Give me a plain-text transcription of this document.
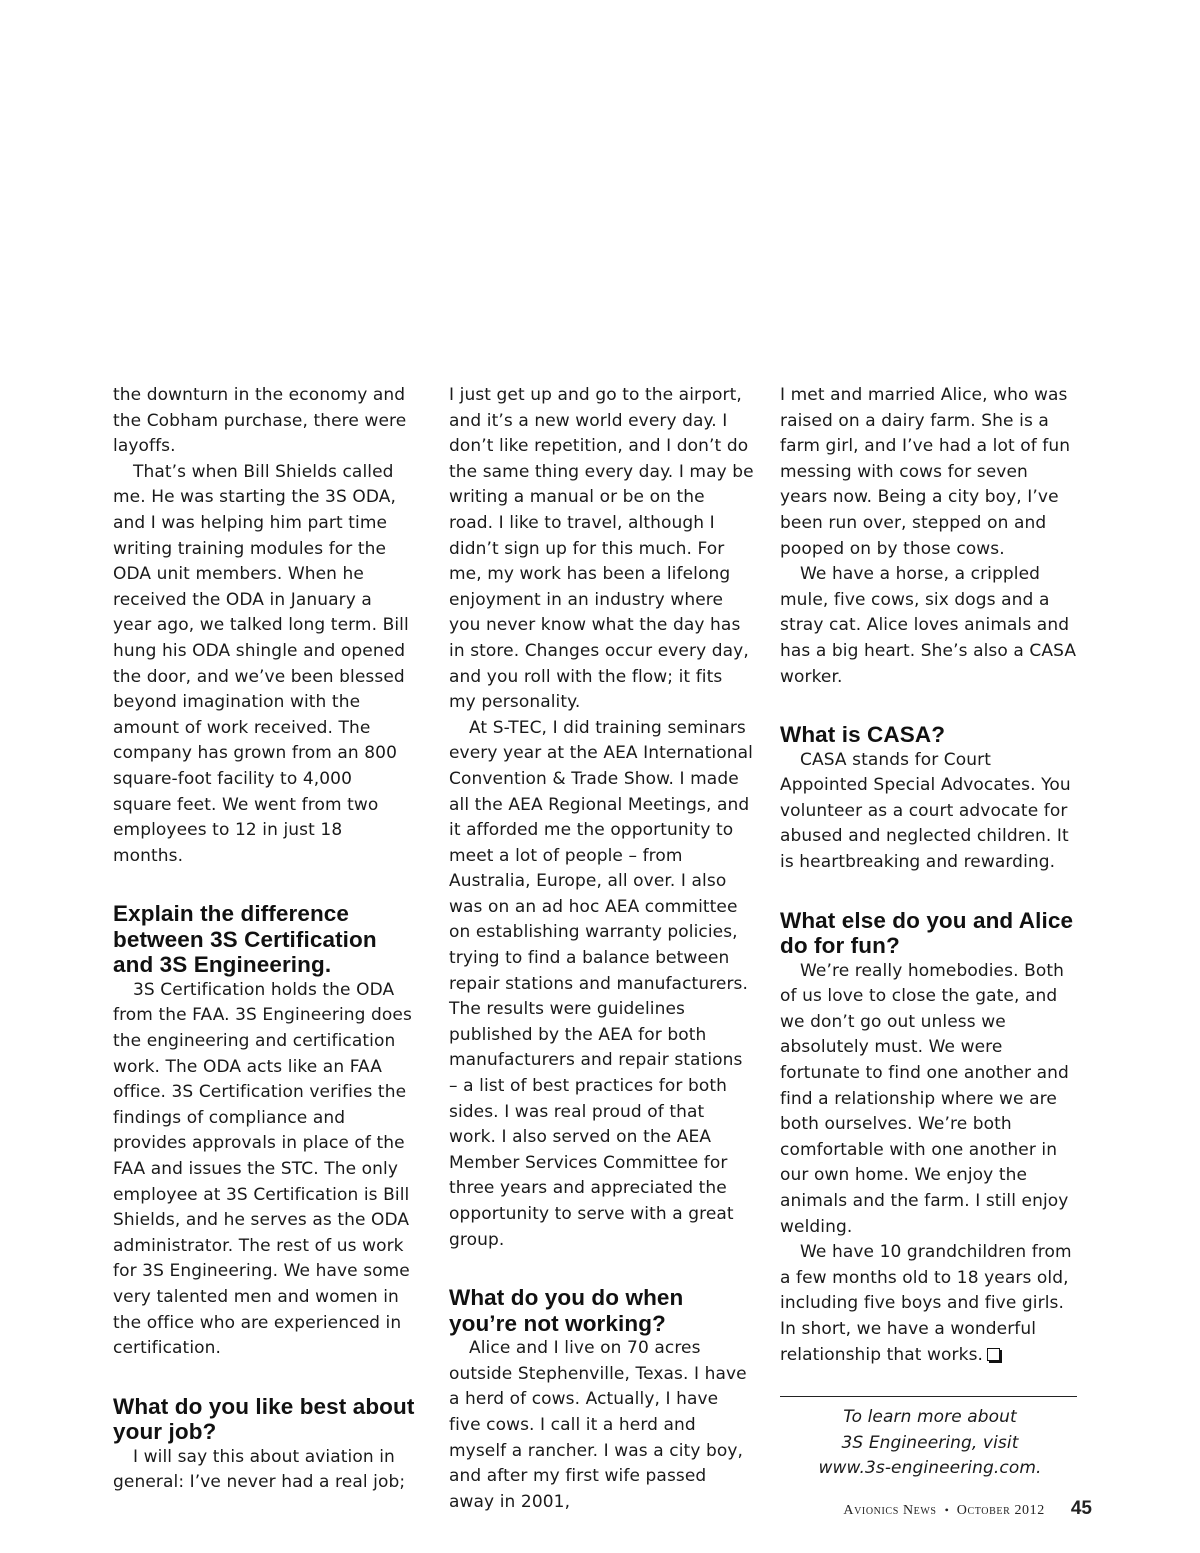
the downturn in the economy and the Cobham purchase, there were layoffs.

That’s when Bill Shields called me. He was starting the 3S ODA, and I was helping him part time writing training modules for the ODA unit members. When he received the ODA in January a year ago, we talked long term. Bill hung his ODA shingle and opened the door, and we’ve been blessed beyond imagination with the amount of work received. The company has grown from an 800 square-foot facility to 4,000 square feet. We went from two employees to 12 in just 18 months.

Explain the difference between 3S Certification and 3S Engineering.

3S Certification holds the ODA from the FAA. 3S Engineering does the engineering and certification work. The ODA acts like an FAA office. 3S Certification verifies the findings of compliance and provides approvals in place of the FAA and issues the STC. The only employee at 3S Certification is Bill Shields, and he serves as the ODA administrator. The rest of us work for 3S Engineering. We have some very talented men and women in the office who are experienced in certification.

What do you like best about your job?

I will say this about aviation in general: I’ve never had a real job;

I just get up and go to the airport, and it’s a new world every day. I don’t like repetition, and I don’t do the same thing every day. I may be writing a manual or be on the road. I like to travel, although I didn’t sign up for this much. For me, my work has been a lifelong enjoyment in an industry where you never know what the day has in store. Changes occur every day, and you roll with the flow; it fits my personality.

At S-TEC, I did training seminars every year at the AEA International Convention & Trade Show. I made all the AEA Regional Meetings, and it afforded me the opportunity to meet a lot of people – from Australia, Europe, all over. I also was on an ad hoc AEA committee on establishing warranty policies, trying to find a balance between repair stations and manufacturers. The results were guidelines published by the AEA for both manufacturers and repair stations – a list of best practices for both sides. I was real proud of that work. I also served on the AEA Member Services Committee for three years and appreciated the opportunity to serve with a great group.

What do you do when you’re not working?

Alice and I live on 70 acres outside Stephenville, Texas. I have a herd of cows. Actually, I have five cows. I call it a herd and myself a rancher. I was a city boy, and after my first wife passed away in 2001,

I met and married Alice, who was raised on a dairy farm. She is a farm girl, and I’ve had a lot of fun messing with cows for seven years now. Being a city boy, I’ve been run over, stepped on and pooped on by those cows.

We have a horse, a crippled mule, five cows, six dogs and a stray cat. Alice loves animals and has a big heart. She’s also a CASA worker.

What is CASA?

CASA stands for Court Appointed Special Advocates. You volunteer as a court advocate for abused and neglected children. It is heartbreaking and rewarding.

What else do you and Alice do for fun?

We’re really homebodies. Both of us love to close the gate, and we don’t go out unless we absolutely must. We were fortunate to find one another and find a relationship where we are both ourselves. We’re both comfortable with one another in our own home. We enjoy the animals and the farm. I still enjoy welding.

We have 10 grandchildren from a few months old to 18 years old, including five boys and five girls. In short, we have a wonderful relationship that works.

To learn more about
3S Engineering, visit
www.3s-engineering.com.
Avionics News • October 2012 45
